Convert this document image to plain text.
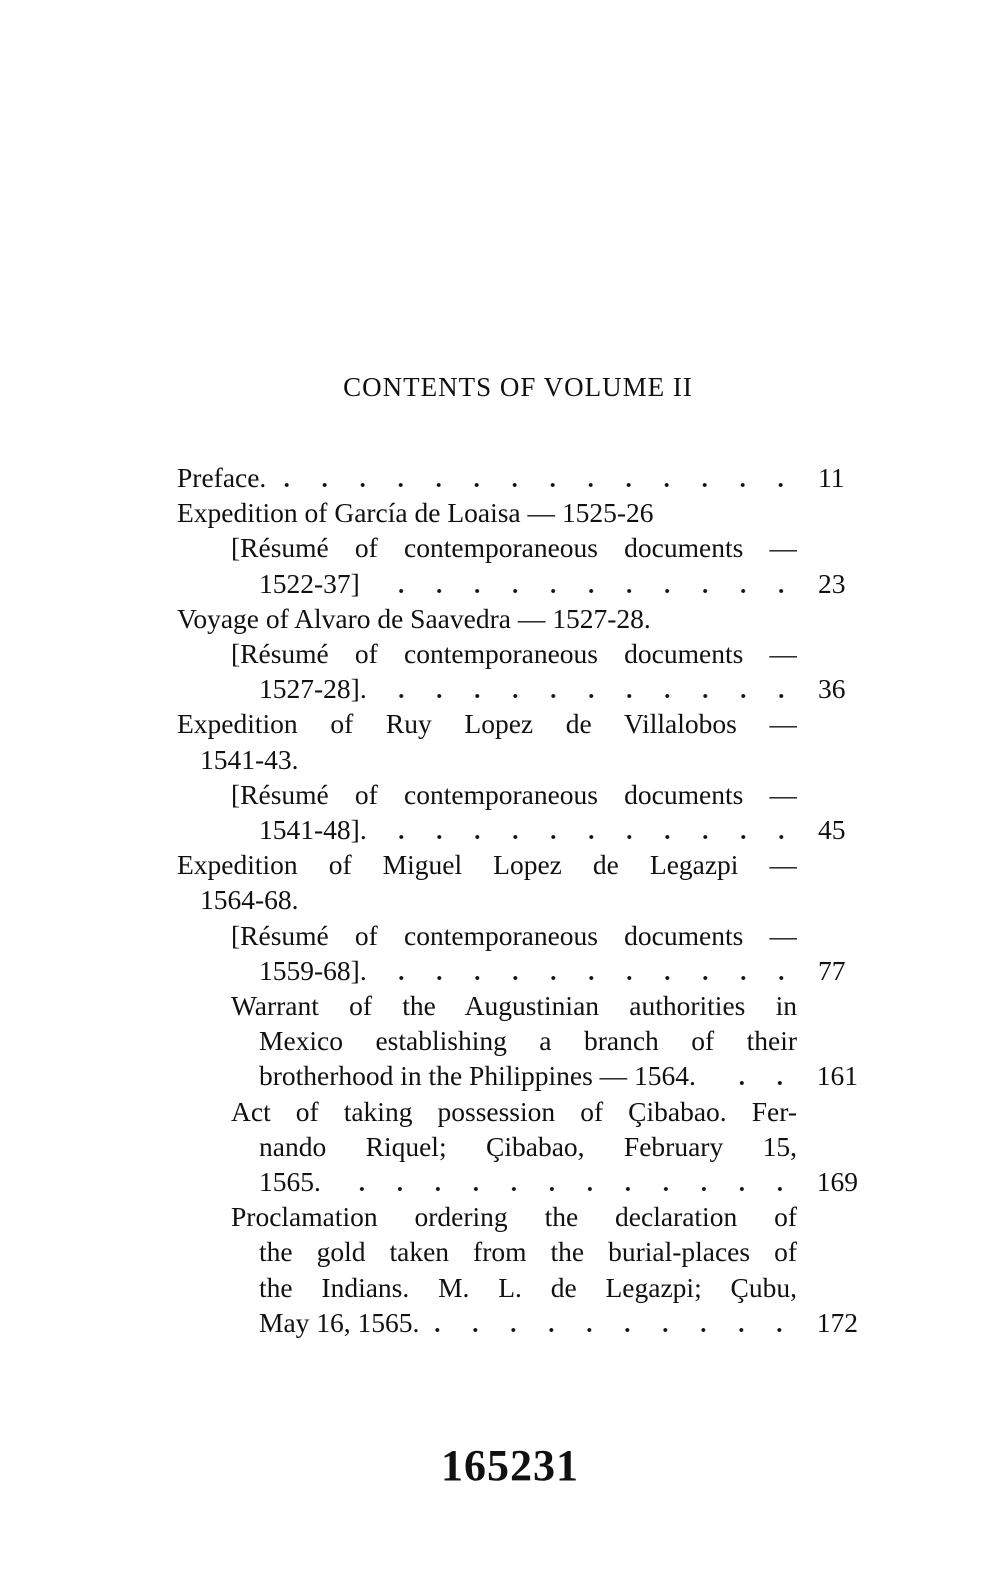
CONTENTS OF VOLUME II
Preface.	11
Expedition of García de Loaisa — 1525-26
[Résumé of contemporaneous documents —
1522-37]	23
Voyage of Alvaro de Saavedra — 1527-28.
[Résumé of contemporaneous documents —
1527-28].	36
Expedition of Ruy Lopez de Villalobos —
1541-43.
[Résumé of contemporaneous documents —
1541-48].	45
Expedition of Miguel Lopez de Legazpi —
1564-68.
[Résumé of contemporaneous documents —
1559-68].	77
Warrant of the Augustinian authorities in
Mexico establishing a branch of their
brotherhood in the Philippines — 1564.	161
Act of taking possession of Çibabao. Fer-
nando Riquel; Çibabao, February 15,
1565.	169
Proclamation ordering the declaration of
the gold taken from the burial-places of
the Indians. M. L. de Legazpi; Çubu,
May 16, 1565.	172
165231
